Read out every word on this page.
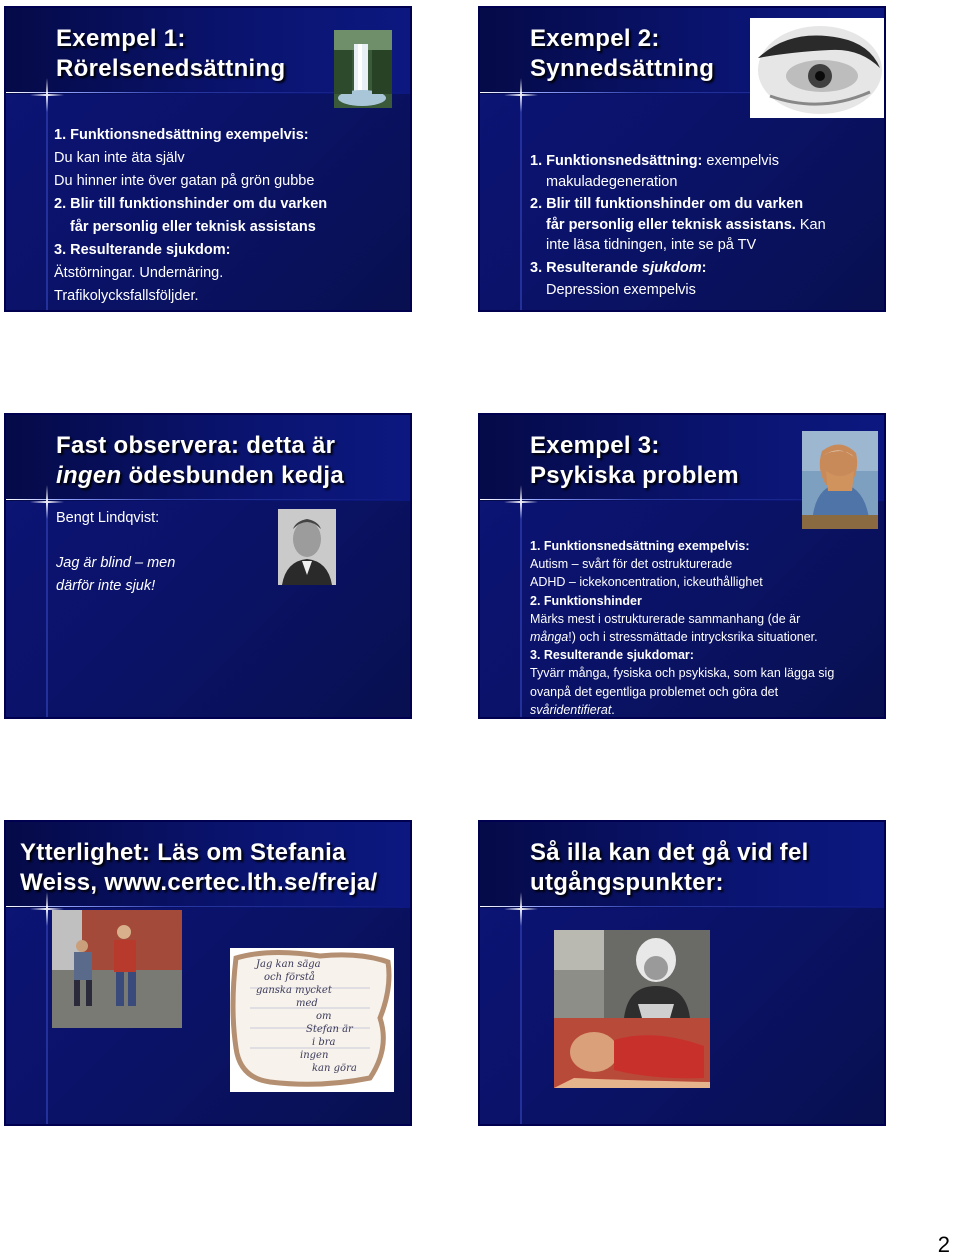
Exempel 1:
Rörelsenedsättning
1. Funktionsnedsättning exempelvis:
Du kan inte äta själv
Du hinner inte över gatan på grön gubbe
2. Blir till funktionshinder om du varken
får personlig eller teknisk assistans
3. Resulterande sjukdom:
Ätstörningar. Undernäring.
Trafikolycksfallsföljder.
Exempel 2:
Synnedsättning
1. Funktionsnedsättning: exempelvis
makuladegeneration
2. Blir till funktionshinder om du varken
får personlig eller teknisk assistans. Kan
inte läsa tidningen, inte se på TV
3. Resulterande sjukdom:
Depression exempelvis
Fast observera: detta är
ingen ödesbunden kedja
Bengt Lindqvist:
Jag är blind – men
därför inte sjuk!
Exempel 3:
Psykiska problem
1. Funktionsnedsättning exempelvis:
Autism – svårt för det ostrukturerade
ADHD – ickekoncentration, ickeuthållighet
2. Funktionshinder
Märks mest i ostrukturerade sammanhang (de är
många!) och i stressmättade intrycksrika situationer.
3. Resulterande sjukdomar:
Tyvärr många, fysiska och psykiska, som kan lägga sig
ovanpå det egentliga problemet och göra det
svåridentifierat.
Ytterlighet: Läs om Stefania
Weiss, www.certec.lth.se/freja/
Jag kan säga
och förstå
ganska mycket
med
om
Stefan är
i bra
ingen
kan göra
Så illa kan det gå vid fel
utgångspunkter:
2
